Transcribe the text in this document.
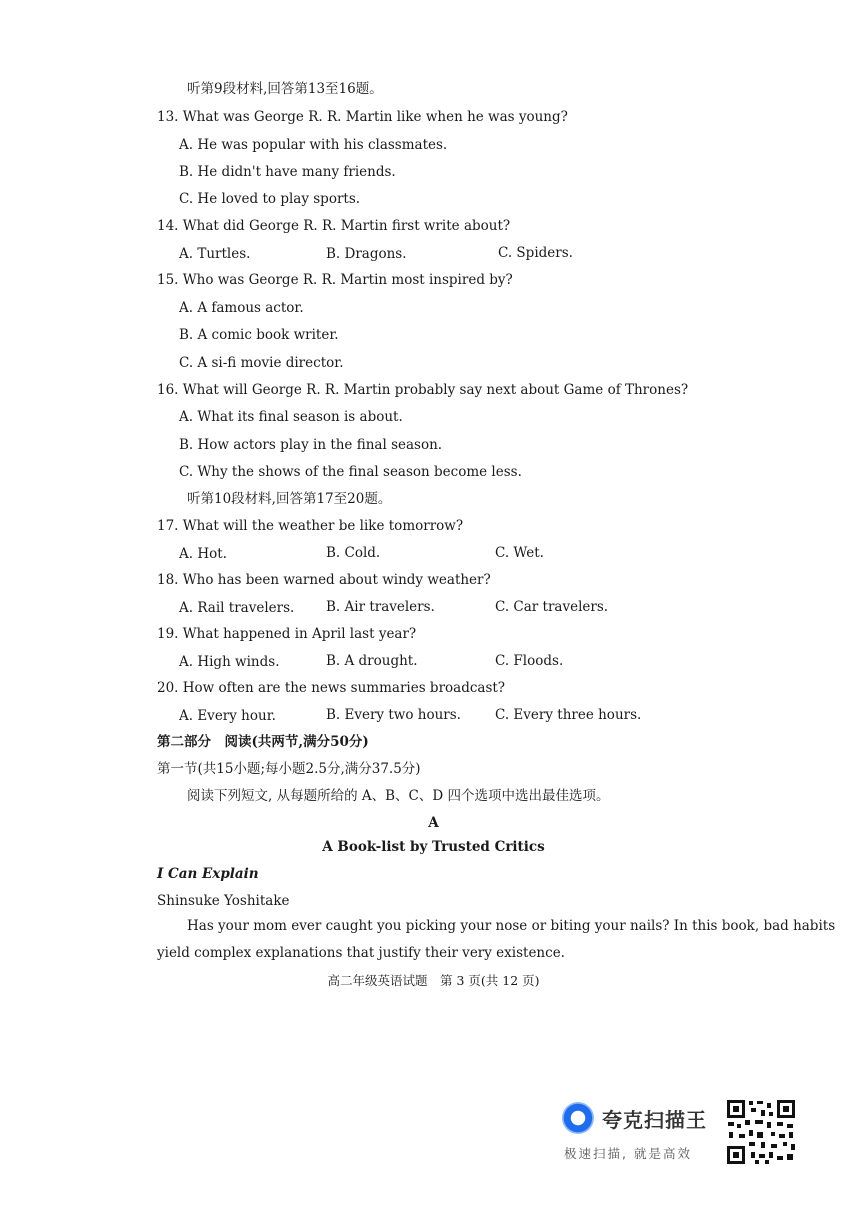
听第9段材料,回答第13至16题。
13. What was George R. R. Martin like when he was young?
A. He was popular with his classmates.
B. He didn't have many friends.
C. He loved to play sports.
14. What did George R. R. Martin first write about?
A. Turtles.	B. Dragons.	C. Spiders.
15. Who was George R. R. Martin most inspired by?
A. A famous actor.
B. A comic book writer.
C. A si-fi movie director.
16. What will George R. R. Martin probably say next about Game of Thrones?
A. What its final season is about.
B. How actors play in the final season.
C. Why the shows of the final season become less.
听第10段材料,回答第17至20题。
17. What will the weather be like tomorrow?
A. Hot.	B. Cold.	C. Wet.
18. Who has been warned about windy weather?
A. Rail travelers. B. Air travelers.	C. Car travelers.
19. What happened in April last year?
A. High winds.	B. A drought.	C. Floods.
20. How often are the news summaries broadcast?
A. Every hour.	B. Every two hours.	C. Every three hours.
第二部分　阅读(共两节,满分50分)
第一节(共15小题;每小题2.5分,满分37.5分)
阅读下列短文, 从每题所给的 A、B、C、D 四个选项中选出最佳选项。
A
A Book-list by Trusted Critics
I Can Explain
Shinsuke Yoshitake
Has your mom ever caught you picking your nose or biting your nails? In this book, bad habits
yield complex explanations that justify their very existence.
高二年级英语试题　第 3 页(共 12 页)
夸克扫描王
极速扫描, 就是高效
